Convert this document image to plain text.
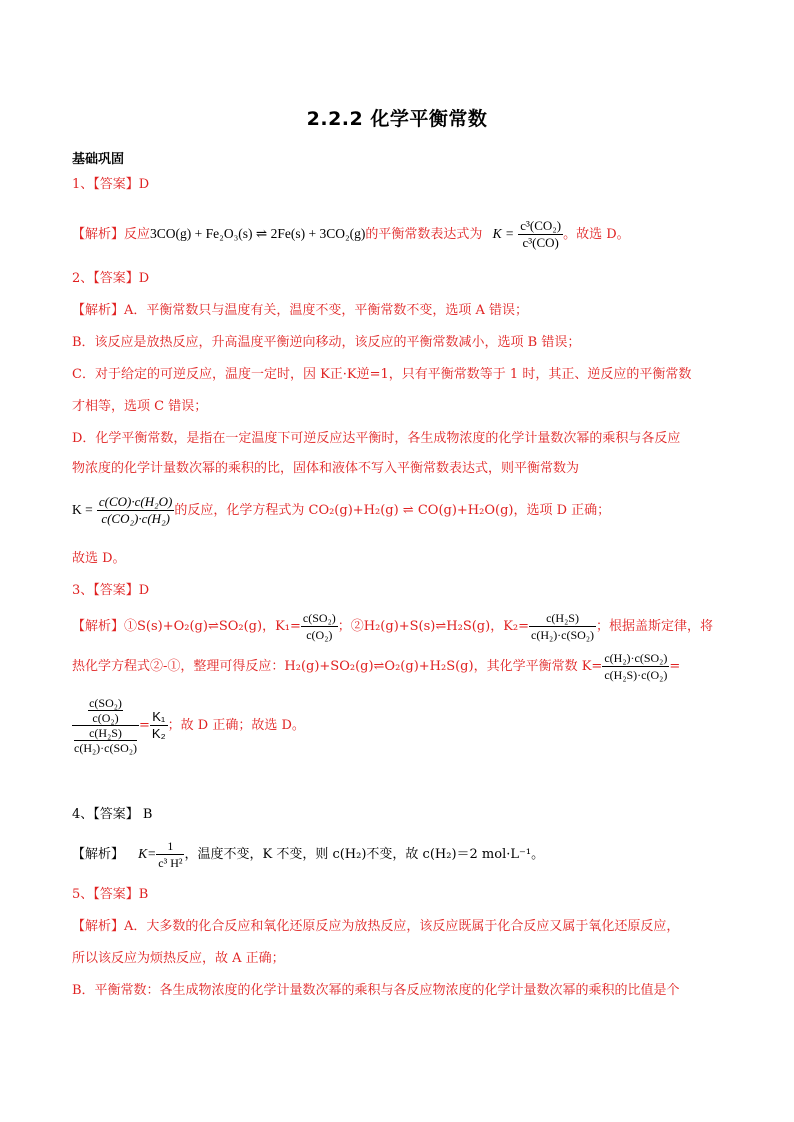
2.2.2 化学平衡常数
基础巩固
1、【答案】D
【解析】反应3CO(g) + Fe₂O₃(s) ⇌ 2Fe(s) + 3CO₂(g)的平衡常数表达式为 $K = \frac{\text{c³(CO₂)}}{\text{c³(CO)}}$ 。故选 D。
2、【答案】D
【解析】A．平衡常数只与温度有关，温度不变，平衡常数不变，选项 A 错误；
B．该反应是放热反应，升高温度平衡逆向移动，该反应的平衡常数减小，选项 B 错误；
C．对于给定的可逆反应，温度一定时，因 K正·K逆=1，只有平衡常数等于 1 时，其正、逆反应的平衡常数
才相等，选项 C 错误；
D．化学平衡常数，是指在一定温度下可逆反应达平衡时，各生成物浓度的化学计量数次幂的乘积与各反应
物浓度的化学计量数次幂的乘积的比，固体和液体不写入平衡常数表达式，则平衡常数为
$K = \frac{\text{c(CO)·c(H₂O)}}{\text{c(CO₂)·c(H₂)}}$ 的反应，化学方程式为 CO₂(g)+H₂(g) ⇌ CO(g)+H₂O(g)，选项 D 正确；
故选 D。
3、【答案】D
【解析】①S(s)+O₂(g)⇌SO₂(g)，$K_1= \frac{\text{c(SO₂)}}{\text{c(O₂)}}$ ；②H₂(g)+S(s)⇌H₂S(g)，$K_2= \frac{\text{c(H₂S)}}{\text{c(H₂)·c(SO₂)}}$ ；根据盖斯定律，将
热化学方程式②-①，整理可得反应：H₂(g)+SO₂(g)⇌O₂(g)+H₂S(g)，其化学平衡常数 $K= \frac{\text{c(H₂)·c(SO₂)}}{\text{c(H₂S)·c(O₂)}}$ =
c(SO₂)
c(O₂)
c(H₂S)
$c(H_2)\cdot c(SO_2) = \frac{\text{K₁}}{\text{K₂}}$ ；故 D 正确；故选 D。
4、【答案】 B
【解析】 $K= \frac{1}{\text{c³ H²}}$ ，温度不变，K 不变，则 c(H₂)不变，故 c(H₂)＝2 mol·L⁻¹。
5、【答案】B
【解析】A．大多数的化合反应和氧化还原反应为放热反应，该反应既属于化合反应又属于氧化还原反应，
所以该反应为烦热反应，故 A 正确；
B．平衡常数：各生成物浓度的化学计量数次幂的乘积与各反应物浓度的化学计量数次幂的乘积的比值是个
